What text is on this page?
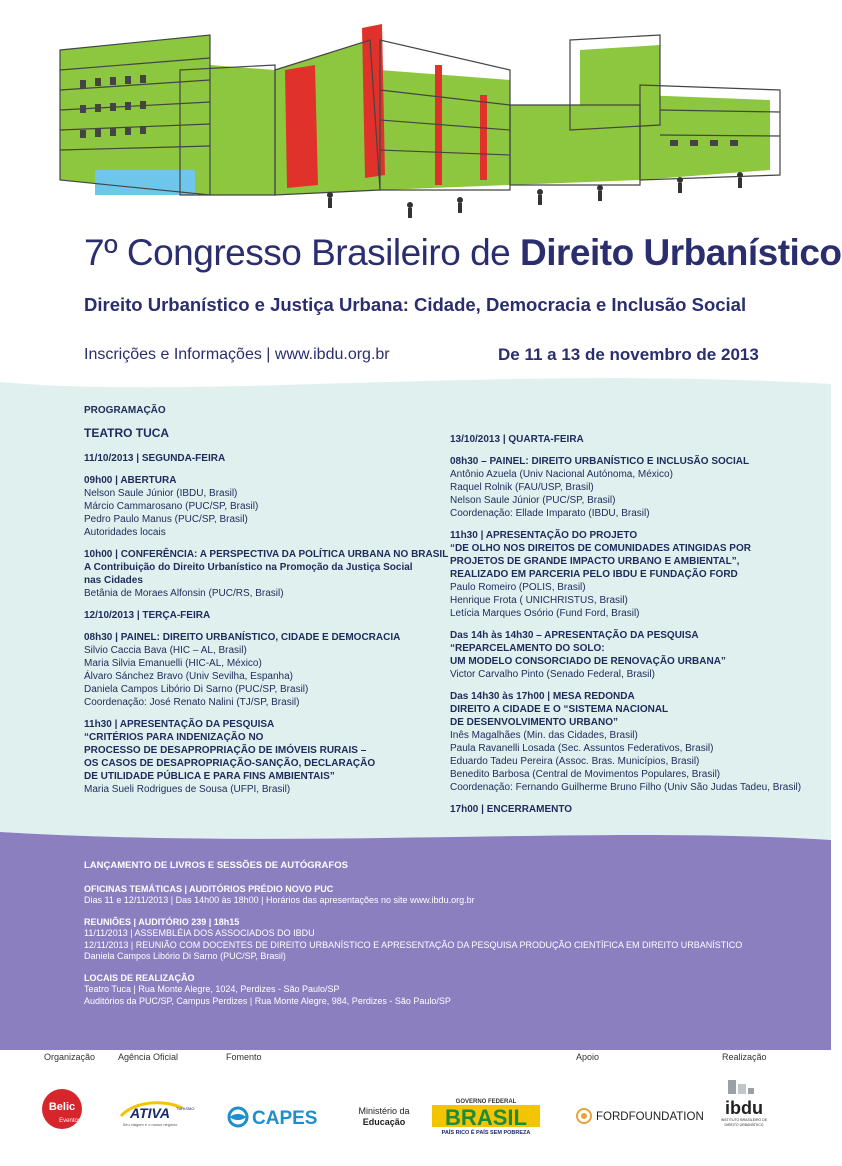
7º Congresso Brasileiro de Direito Urbanístico
Direito Urbanístico e Justiça Urbana: Cidade, Democracia e Inclusão Social
Inscrições e Informações | www.ibdu.org.br	De 11 a 13 de novembro de 2013
PROGRAMAÇÃO
TEATRO TUCA
11/10/2013 | SEGUNDA-FEIRA
09h00 | ABERTURA
Nelson Saule Júnior (IBDU, Brasil)
Márcio Cammarosano (PUC/SP, Brasil)
Pedro Paulo Manus (PUC/SP, Brasil)
Autoridades locais
10h00 | CONFERÊNCIA: A PERSPECTIVA DA POLÍTICA URBANA NO BRASIL
A Contribuição do Direito Urbanístico na Promoção da Justiça Social
nas Cidades
Betânia de Moraes Alfonsin (PUC/RS, Brasil)
12/10/2013 | TERÇA-FEIRA
08h30 | PAINEL: DIREITO URBANÍSTICO, CIDADE E DEMOCRACIA
Silvio Caccia Bava (HIC – AL, Brasil)
Maria Silvia Emanuelli (HIC-AL, México)
Álvaro Sánchez Bravo (Univ Sevilha, Espanha)
Daniela Campos Libório Di Sarno (PUC/SP, Brasil)
Coordenação: José Renato Nalini (TJ/SP, Brasil)
11h30 | APRESENTAÇÃO DA PESQUISA
“CRITÉRIOS PARA INDENIZAÇÃO NO
PROCESSO DE DESAPROPRIAÇÃO DE IMÓVEIS RURAIS –
OS CASOS DE DESAPROPRIAÇÃO-SANÇÃO, DECLARAÇÃO
DE UTILIDADE PÚBLICA E PARA FINS AMBIENTAIS”
Maria Sueli Rodrigues de Sousa (UFPI, Brasil)
13/10/2013 | QUARTA-FEIRA
08h30 – PAINEL: DIREITO URBANÍSTICO E INCLUSÃO SOCIAL
Antônio Azuela (Univ Nacional Autónoma, México)
Raquel Rolnik (FAU/USP, Brasil)
Nelson Saule Júnior (PUC/SP, Brasil)
Coordenação: Ellade Imparato (IBDU, Brasil)
11h30 | APRESENTAÇÃO DO PROJETO
“DE OLHO NOS DIREITOS DE COMUNIDADES ATINGIDAS POR
PROJETOS DE GRANDE IMPACTO URBANO E AMBIENTAL”,
REALIZADO EM PARCERIA PELO IBDU E FUNDAÇÃO FORD
Paulo Romeiro (POLIS, Brasil)
Henrique Frota ( UNICHRISTUS, Brasil)
Letícia Marques Osório (Fund Ford, Brasil)
Das 14h às 14h30 – APRESENTAÇÃO DA PESQUISA
“REPARCELAMENTO DO SOLO:
UM MODELO CONSORCIADO DE RENOVAÇÃO URBANA”
Victor Carvalho Pinto (Senado Federal, Brasil)
Das 14h30 às 17h00 | MESA REDONDA
DIREITO A CIDADE E O “SISTEMA NACIONAL
DE DESENVOLVIMENTO URBANO”
Inês Magalhães (Min. das Cidades, Brasil)
Paula Ravanelli Losada (Sec. Assuntos Federativos, Brasil)
Eduardo Tadeu Pereira (Assoc. Bras. Municípios, Brasil)
Benedito Barbosa (Central de Movimentos Populares, Brasil)
Coordenação: Fernando Guilherme Bruno Filho (Univ São Judas Tadeu, Brasil)
17h00 | ENCERRAMENTO
LANÇAMENTO DE LIVROS E SESSÕES DE AUTÓGRAFOS
OFICINAS TEMÁTICAS | AUDITÓRIOS PRÉDIO NOVO PUC
Dias 11 e 12/11/2013 | Das 14h00 às 18h00 | Horários das apresentações no site www.ibdu.org.br
REUNIÕES | AUDITÓRIO 239 | 18h15
11/11/2013 | ASSEMBLÉIA DOS ASSOCIADOS DO IBDU
12/11/2013 | REUNIÃO COM DOCENTES DE DIREITO URBANÍSTICO E APRESENTAÇÃO DA PESQUISA PRODUÇÃO CIENTÍFICA EM DIREITO URBANÍSTICO
Daniela Campos Libório Di Sarno (PUC/SP, Brasil)
LOCAIS DE REALIZAÇÃO
Teatro Tuca | Rua Monte Alegre, 1024, Perdizes - São Paulo/SP
Auditórios da PUC/SP, Campus Perdizes | Rua Monte Alegre, 984, Perdizes - São Paulo/SP
Organização	Agência Oficial	Fomento	Apoio	Realização
Belic
Eventos	ATIVA TURISMO
Seu viagem é o nosso negócio	CAPES	Ministério da
Educação
GOVERNO FEDERAL
BRASIL
PAÍS RICO É PAÍS SEM POBREZA
FORDFOUNDATION ibdu
INSTITUTO BRASILEIRO DE
DIREITO URBANÍSTICO
